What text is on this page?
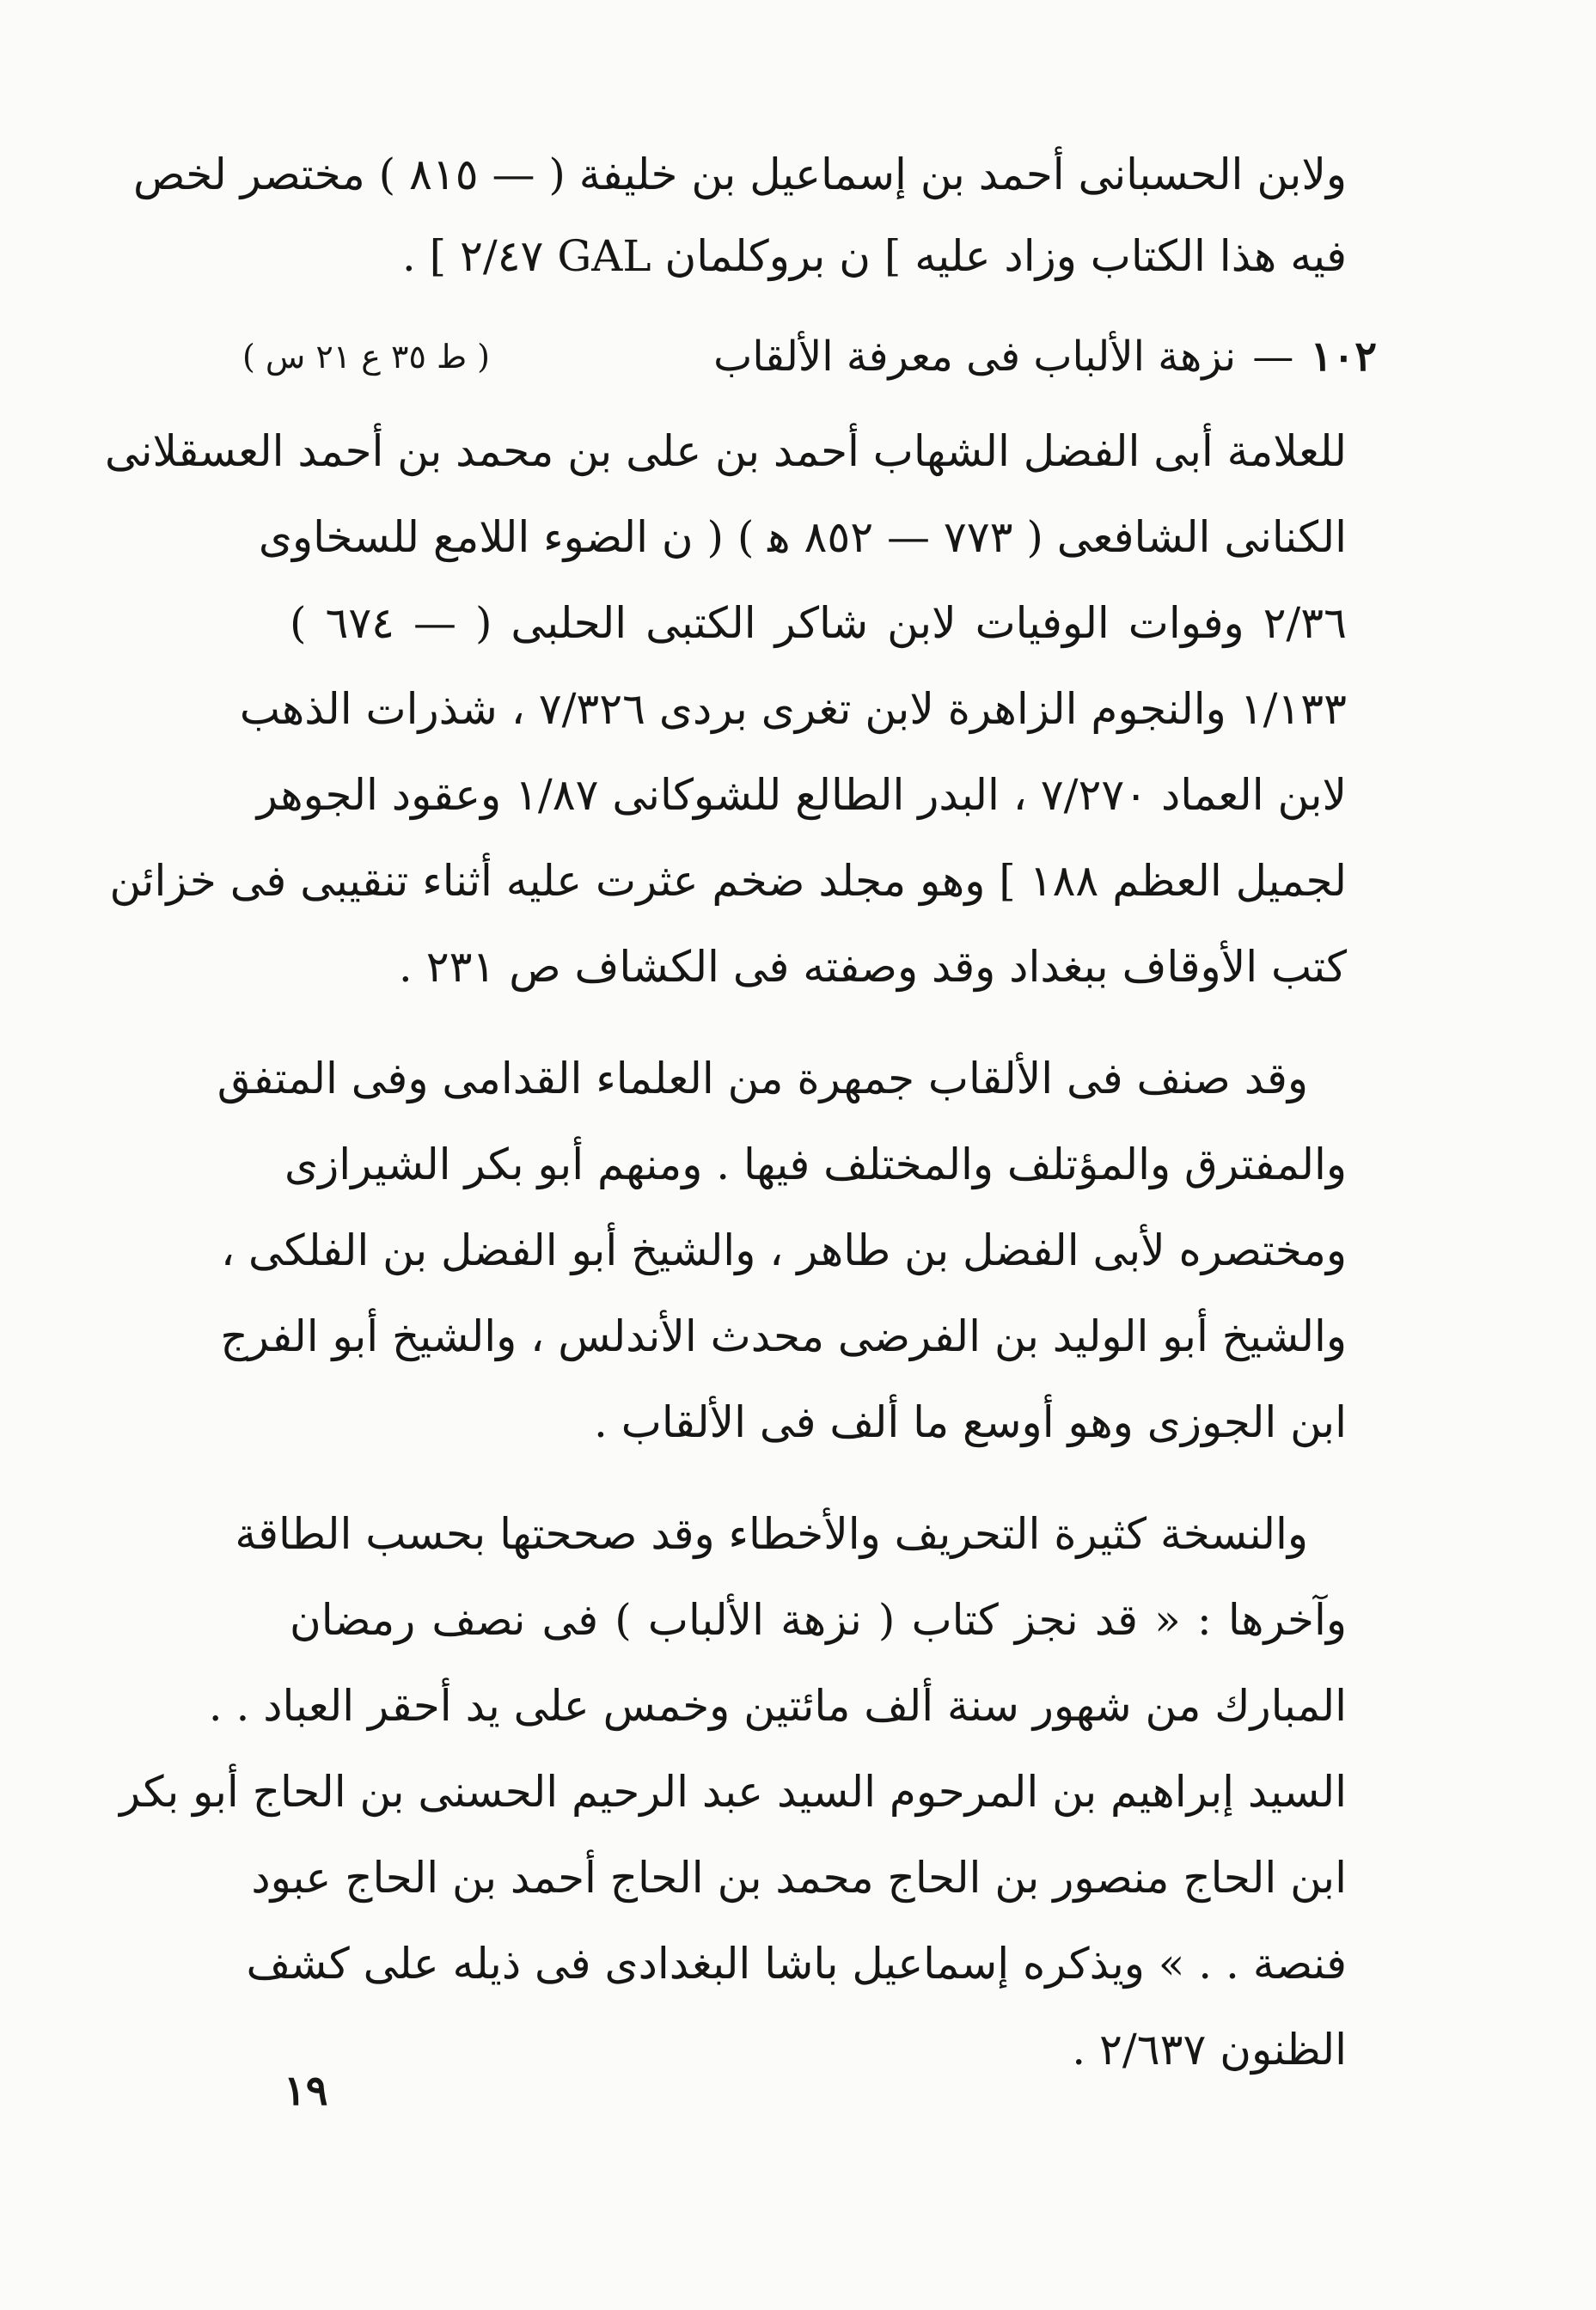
ولابن الحسبانى أحمد بن إسماعيل بن خليفة ( — ٨١٥ ) مختصر لخص
فيه هذا الكتاب وزاد عليه ] ن بروكلمان GAL ٢/٤٧ ] .
١٠٢ — نزهة الألباب فى معرفة الألقاب
( ط ٣٥ ع ٢١ س )
للعلامة أبى الفضل الشهاب أحمد بن على بن محمد بن أحمد العسقلانى
الكنانى الشافعى ( ٧٧٣ — ٨٥٢ ﻫ ) ( ن الضوء اللامع للسخاوى
٢/٣٦ وفوات الوفيات لابن شاكر الكتبى الحلبى ( — ٦٧٤ )
١/١٣٣ والنجوم الزاهرة لابن تغرى بردى ٧/٣٢٦ ، شذرات الذهب
لابن العماد ٧/٢٧٠ ، البدر الطالع للشوكانى ١/٨٧ وعقود الجوهر
لجميل العظم ١٨٨ ] وهو مجلد ضخم عثرت عليه أثناء تنقيبى فى خزائن
كتب الأوقاف ببغداد وقد وصفته فى الكشاف ص ٢٣١ .
وقد صنف فى الألقاب جمهرة من العلماء القدامى وفى المتفق
والمفترق والمؤتلف والمختلف فيها . ومنهم أبو بكر الشيرازى
ومختصره لأبى الفضل بن طاهر ، والشيخ أبو الفضل بن الفلكى ،
والشيخ أبو الوليد بن الفرضى محدث الأندلس ، والشيخ أبو الفرج
ابن الجوزى وهو أوسع ما ألف فى الألقاب .
والنسخة كثيرة التحريف والأخطاء وقد صححتها بحسب الطاقة
وآخرها : « قد نجز كتاب ( نزهة الألباب ) فى نصف رمضان
المبارك من شهور سنة ألف مائتين وخمس على يد أحقر العباد . .
السيد إبراهيم بن المرحوم السيد عبد الرحيم الحسنى بن الحاج أبو بكر
ابن الحاج منصور بن الحاج محمد بن الحاج أحمد بن الحاج عبود
فنصة . . » ويذكره إسماعيل باشا البغدادى فى ذيله على كشف
الظنون ٢/٦٣٧ .
١٩
